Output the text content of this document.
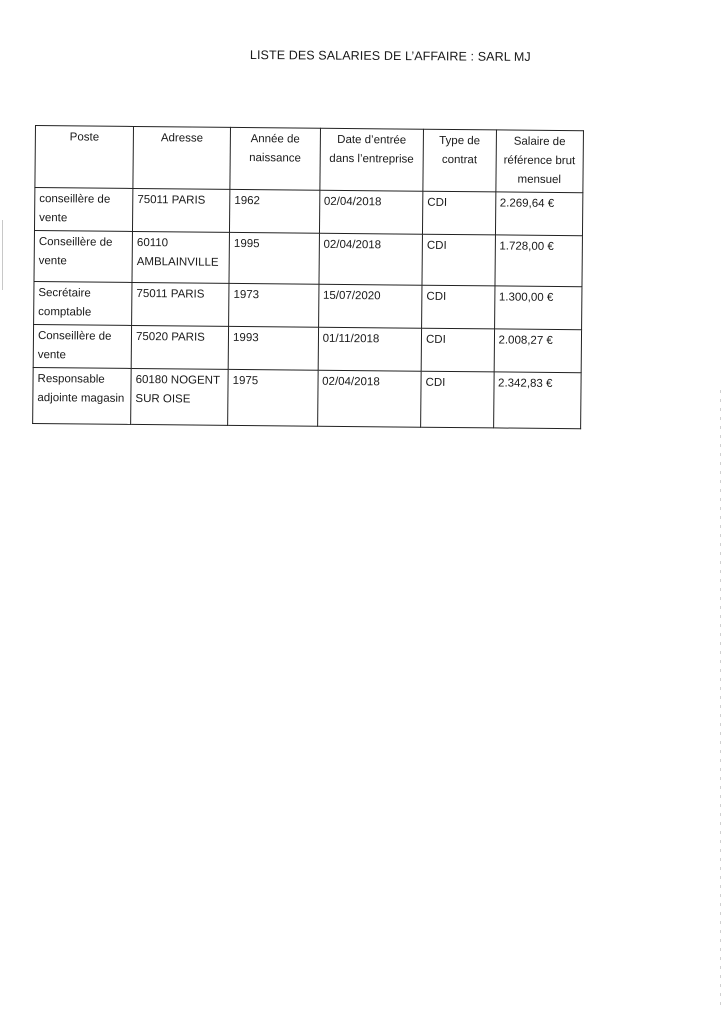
LISTE DES SALARIES DE L’AFFAIRE : SARL MJ
Poste	Adresse	Année de naissance	Date d’entrée dans l’entreprise	Type de contrat	Salaire de référence brut mensuel
conseillère de vente	75011 PARIS	1962	02/04/2018	CDI	2.269,64 €
Conseillère de vente	60110 AMBLAINVILLE	1995	02/04/2018	CDI	1.728,00 €
Secrétaire comptable	75011 PARIS	1973	15/07/2020	CDI	1.300,00 €
Conseillère de vente	75020 PARIS	1993	01/11/2018	CDI	2.008,27 €
Responsable adjointe magasin	60180 NOGENT SUR OISE	1975	02/04/2018	CDI	2.342,83 €
